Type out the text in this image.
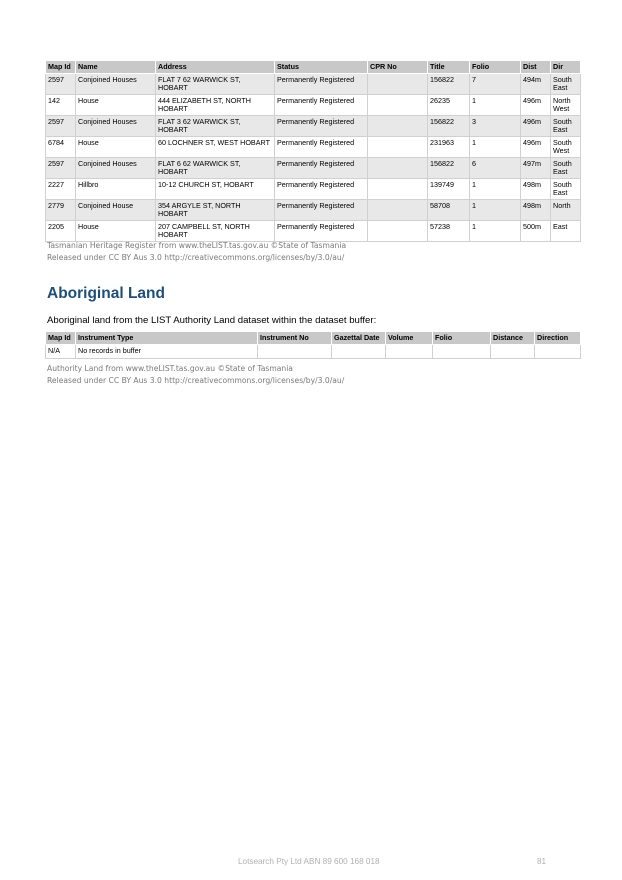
Map Id	Name	Address	Status	CPR No	Title	Folio	Dist	Dir
2597	Conjoined Houses	FLAT 7 62 WARWICK ST, HOBART	Permanently Registered		156822	7	494m	South East
142	House	444 ELIZABETH ST, NORTH HOBART	Permanently Registered		26235	1	496m	North West
2597	Conjoined Houses	FLAT 3 62 WARWICK ST, HOBART	Permanently Registered		156822	3	496m	South East
6784	House	60 LOCHNER ST, WEST HOBART	Permanently Registered		231963	1	496m	South West
2597	Conjoined Houses	FLAT 6 62 WARWICK ST, HOBART	Permanently Registered		156822	6	497m	South East
2227	Hillbro	10-12 CHURCH ST, HOBART	Permanently Registered		139749	1	498m	South East
2779	Conjoined House	354 ARGYLE ST, NORTH HOBART	Permanently Registered		58708	1	498m	North
2205	House	207 CAMPBELL ST, NORTH HOBART	Permanently Registered		57238	1	500m	East
Tasmanian Heritage Register from www.theLIST.tas.gov.au ©State of Tasmania
Released under CC BY Aus 3.0 http://creativecommons.org/licenses/by/3.0/au/
Aboriginal Land
Aboriginal land from the LIST Authority Land dataset within the dataset buffer:
Map Id	Instrument Type	Instrument No	Gazettal Date	Volume	Folio	Distance	Direction
N/A	No records in buffer						
Authority Land from www.theLIST.tas.gov.au ©State of Tasmania
Released under CC BY Aus 3.0 http://creativecommons.org/licenses/by/3.0/au/
Lotsearch Pty Ltd ABN 89 600 168 018	81
